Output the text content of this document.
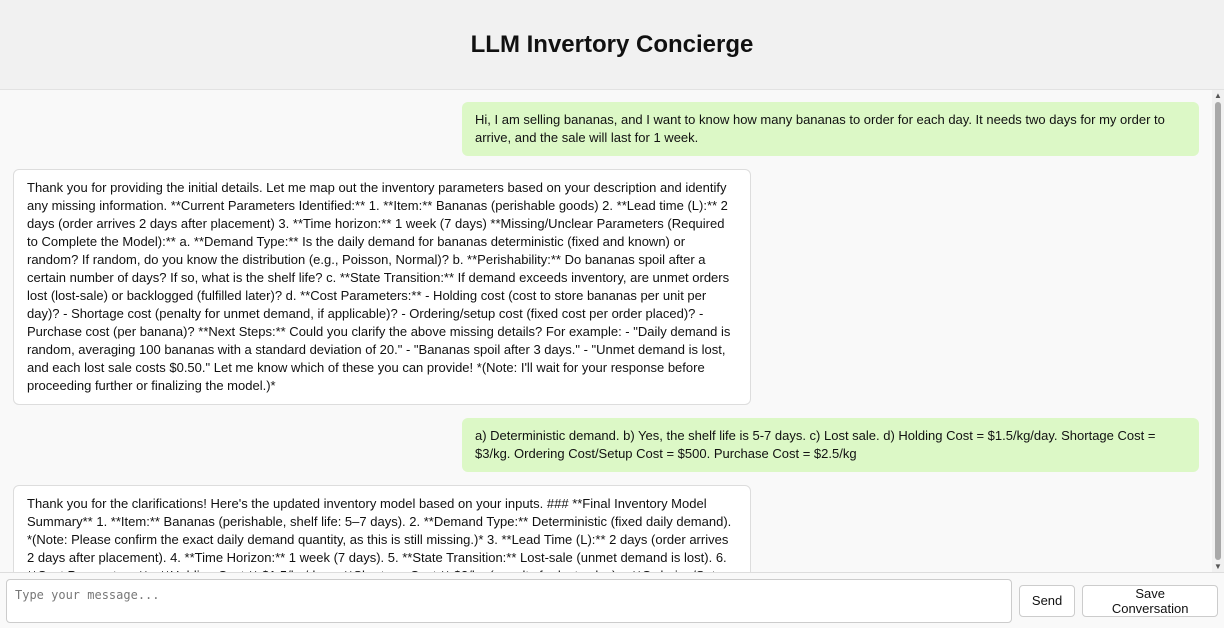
LLM Invertory Concierge
Hi, I am selling bananas, and I want to know how many bananas to order for each day. It needs two days for my order to arrive, and the sale will last for 1 week.
Thank you for providing the initial details. Let me map out the inventory parameters based on your description and identify any missing information. **Current Parameters Identified:** 1. **Item:** Bananas (perishable goods) 2. **Lead time (L):** 2 days (order arrives 2 days after placement) 3. **Time horizon:** 1 week (7 days) **Missing/Unclear Parameters (Required to Complete the Model):** a. **Demand Type:** Is the daily demand for bananas deterministic (fixed and known) or random? If random, do you know the distribution (e.g., Poisson, Normal)? b. **Perishability:** Do bananas spoil after a certain number of days? If so, what is the shelf life? c. **State Transition:** If demand exceeds inventory, are unmet orders lost (lost-sale) or backlogged (fulfilled later)? d. **Cost Parameters:** - Holding cost (cost to store bananas per unit per day)? - Shortage cost (penalty for unmet demand, if applicable)? - Ordering/setup cost (fixed cost per order placed)? - Purchase cost (per banana)? **Next Steps:** Could you clarify the above missing details? For example: - "Daily demand is random, averaging 100 bananas with a standard deviation of 20." - "Bananas spoil after 3 days." - "Unmet demand is lost, and each lost sale costs $0.50." Let me know which of these you can provide! *(Note: I'll wait for your response before proceeding further or finalizing the model.)*
a) Deterministic demand. b) Yes, the shelf life is 5-7 days. c) Lost sale. d) Holding Cost = $1.5/kg/day. Shortage Cost = $3/kg. Ordering Cost/Setup Cost = $500. Purchase Cost = $2.5/kg
Thank you for the clarifications! Here's the updated inventory model based on your inputs. ### **Final Inventory Model Summary** 1. **Item:** Bananas (perishable, shelf life: 5–7 days). 2. **Demand Type:** Deterministic (fixed daily demand). *(Note: Please confirm the exact daily demand quantity, as this is still missing.)* 3. **Lead Time (L):** 2 days (order arrives 2 days after placement). 4. **Time Horizon:** 1 week (7 days). 5. **State Transition:** Lost-sale (unmet demand is lost). 6.
▲
▼
Type your message...
Send	Save Conversation
